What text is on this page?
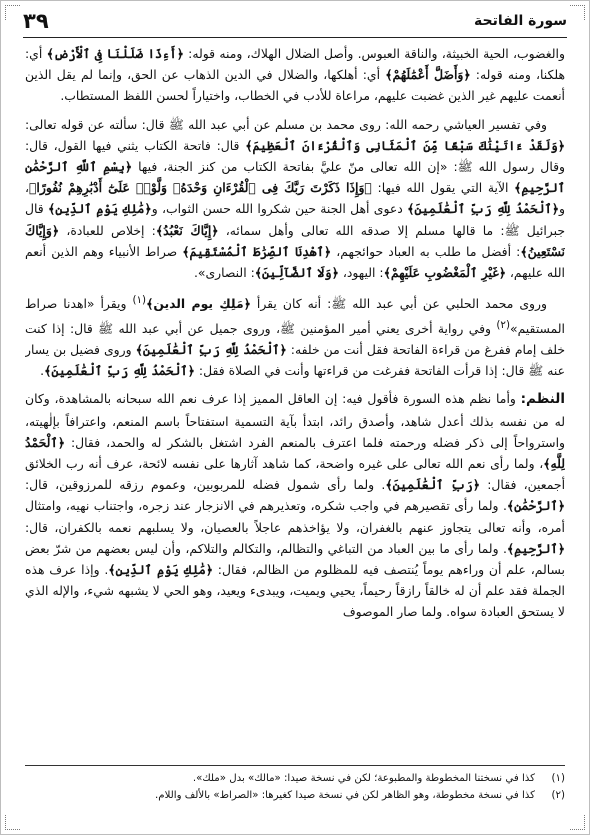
سورة الفاتحة
٣٩

والغضوب، الحية الخبيثة، والناقة العبوس. وأصل الضلال الهلاك، ومنه قوله: ﴿أَءِذَا ضَلَلْنَا فِى ٱلْأَرْضِ﴾ أي: هلكنا، ومنه قوله: ﴿وَأَضَلَّ أَعْمَٰلَهُمْ﴾ أي: أهلكها، والضلال في الدين الذهاب عن الحق، وإنما لم يقل الذين أنعمت عليهم غير الذين غضبت عليهم، مراعاة للأدب في الخطاب، واختياراً لحسن اللفظ المستطاب.

وفي تفسير العياشي رحمه الله: روى محمد بن مسلم عن أبي عبد الله ﷺ قال: سألته عن قوله تعالى: ﴿وَلَقَدْ ءَاتَيْنَٰكَ سَبْعًا مِّنَ ٱلْمَثَانِى وَٱلْقُرْءَانَ ٱلْعَظِيمَ﴾ قال: فاتحة الكتاب يثني فيها القول، قال: وقال رسول الله ﷺ: «إن الله تعالى منّ عليَّ بفاتحة الكتاب من كنز الجنة، فيها ﴿بِسْمِ ٱللَّهِ ٱلرَّحْمَٰنِ ٱلرَّحِيمِ﴾ الآية التي يقول الله فيها: ﴿وَإِذَا ذَكَرْتَ رَبَّكَ فِى ٱلْقُرْءَانِ وَحْدَهُۥ وَلَّوْا۟ عَلَىٰٓ أَدْبَٰرِهِمْ نُفُورًا﴾، و﴿ٱلْحَمْدُ لِلَّهِ رَبِّ ٱلْعَٰلَمِينَ﴾ دعوى أهل الجنة حين شكروا الله حسن الثواب، و﴿مَٰلِكِ يَوْمِ ٱلدِّينِ﴾ قال جبرائيل ﷺ: ما قالها مسلم إلا صدقه الله تعالى وأهل سمائه، ﴿إِيَّاكَ نَعْبُدُ﴾: إخلاص للعبادة، ﴿وَإِيَّاكَ نَسْتَعِينُ﴾: أفضل ما طلب به العباد حوائجهم، ﴿ٱهْدِنَا ٱلصِّرَٰطَ ٱلْمُسْتَقِيمَ﴾ صراط الأنبياء وهم الذين أنعم الله عليهم، ﴿غَيْرِ ٱلْمَغْضُوبِ عَلَيْهِمْ﴾: اليهود، ﴿وَلَا ٱلضَّآلِّينَ﴾: النصارى».

وروى محمد الحلبي عن أبي عبد الله ﷺ: أنه كان يقرأ ﴿مَلِكِ يوم الدين﴾$^{(١)}$ ويقرأ «اهدنا صراط المستقيم»$^{(٢)}$ وفي رواية أخرى يعني أمير المؤمنين ﷺ، وروى جميل عن أبي عبد الله ﷺ قال: إذا كنت خلف إمام ففرغ من قراءة الفاتحة فقل أنت من خلفه: ﴿ٱلْحَمْدُ لِلَّهِ رَبِّ ٱلْعَٰلَمِينَ﴾ وروى فضيل بن يسار عنه ﷺ قال: إذا قرأت الفاتحة ففرغت من قراءتها وأنت في الصلاة فقل: ﴿ٱلْحَمْدُ لِلَّهِ رَبِّ ٱلْعَٰلَمِينَ﴾.

النظم: وأما نظم هذه السورة فأقول فيه: إن العاقل المميز إذا عرف نعم الله سبحانه بالمشاهدة، وكان له من نفسه بذلك أعدل شاهد، وأصدق رائد، ابتدأ بآية التسمية استفتاحاً باسم المنعم، واعترافاً بإلٰهيته، واسترواحاً إلى ذكر فضله ورحمته فلما اعترف بالمنعم الفرد اشتغل بالشكر له والحمد، فقال: ﴿ٱلْحَمْدُ لِلَّهِ﴾، ولما رأى نعم الله تعالى على غيره واضحة، كما شاهد آثارها على نفسه لائحة، عرف أنه رب الخلائق أجمعين، فقال: ﴿رَبِّ ٱلْعَٰلَمِينَ﴾. ولما رأى شمول فضله للمربوبين، وعموم رزقه للمرزوقين، قال: ﴿ٱلرَّحْمَٰنِ﴾. ولما رأى تقصيرهم في واجب شكره، وتعذيرهم في الانزجار عند زجره، واجتناب نهيه، وامتثال أمره، وأنه تعالى يتجاوز عنهم بالغفران، ولا يؤاخذهم عاجلاً بالعصيان، ولا يسلبهم نعمه بالكفران، قال: ﴿ٱلرَّحِيمِ﴾. ولما رأى ما بين العباد من التباغي والتظالم، والتكالم والتلاكم، وأن ليس بعضهم من شرّ بعض بسالم، علم أن وراءهم يوماً يُنتصف فيه للمظلوم من الظالم، فقال: ﴿مَٰلِكِ يَوْمِ ٱلدِّينِ﴾. وإذا عرف هذه الجملة فقد علم أن له خالقاً رازقاً رحيماً، يحيي ويميت، ويبدىء ويعيد، وهو الحي لا يشبهه شيء، والإله الذي لا يستحق العبادة سواه. ولما صار الموصوف

(١)
كذا في نسختنا المخطوطة والمطبوعة؛ لكن في نسخة صيدا: «مالك» بدل «ملك».
(٢)
كذا في نسخة مخطوطة، وهو الظاهر لكن في نسخة صيدا كغيرها: «الصراط» بالألف واللام.
